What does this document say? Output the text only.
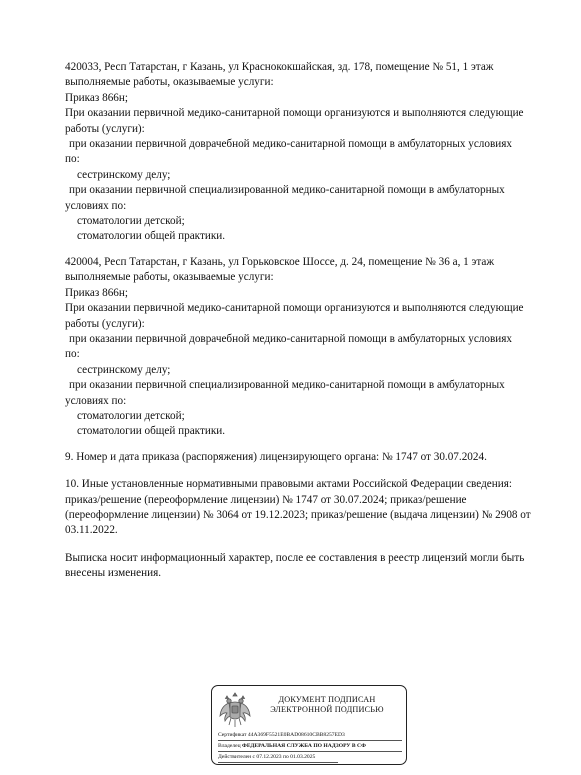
420033, Респ Татарстан, г Казань, ул Краснококшайская, зд. 178, помещение № 51, 1 этаж
выполняемые работы, оказываемые услуги:
Приказ 866н;
При оказании первичной медико-санитарной помощи организуются и выполняются следующие
работы (услуги):
при оказании первичной доврачебной медико-санитарной помощи в амбулаторных условиях
по:
сестринскому делу;
при оказании первичной специализированной медико-санитарной помощи в амбулаторных
условиях по:
стоматологии детской;
стоматологии общей практики.
420004, Респ Татарстан, г Казань, ул Горьковское Шоссе, д. 24, помещение № 36 а, 1 этаж
выполняемые работы, оказываемые услуги:
Приказ 866н;
При оказании первичной медико-санитарной помощи организуются и выполняются следующие
работы (услуги):
при оказании первичной доврачебной медико-санитарной помощи в амбулаторных условиях
по:
сестринскому делу;
при оказании первичной специализированной медико-санитарной помощи в амбулаторных
условиях по:
стоматологии детской;
стоматологии общей практики.
9. Номер и дата приказа (распоряжения) лицензирующего органа: № 1747 от 30.07.2024.
10. Иные установленные нормативными правовыми актами Российской Федерации сведения:
приказ/решение (переоформление лицензии) № 1747 от 30.07.2024; приказ/решение
(переоформление лицензии) № 3064 от 19.12.2023; приказ/решение (выдача лицензии) № 2908 от
03.11.2022.
Выписка носит информационный характер, после ее составления в реестр лицензий могли быть
внесены изменения.
ДОКУМЕНТ ПОДПИСАН
ЭЛЕКТРОННОЙ ПОДПИСЬЮ
Сертификат 44A369F5521E0BAD08610CBB8257ED3
Владелец ФЕДЕРАЛЬНАЯ СЛУЖБА ПО НАДЗОРУ В СФ
Действителен с 07.12.2023 по 01.03.2025
